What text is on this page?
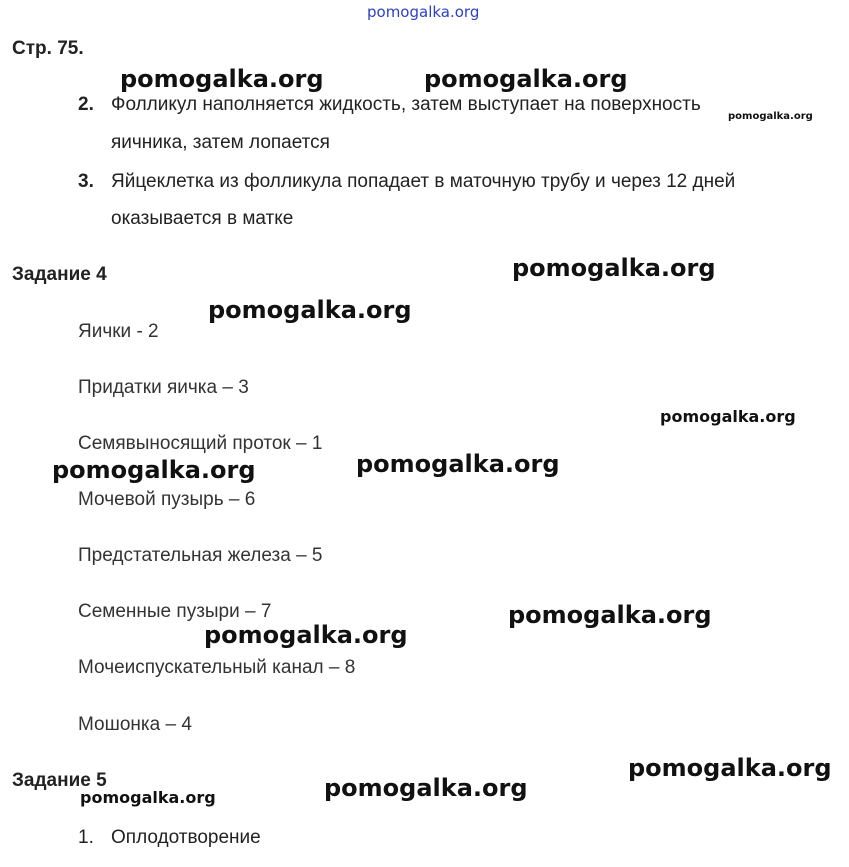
pomogalka.org
Стр. 75.
2. Фолликул наполняется жидкость, затем выступает на поверхность
яичника, затем лопается
3. Яйцеклетка из фолликула попадает в маточную трубу и через 12 дней
оказывается в матке
Задание 4
Яички - 2
Придатки яичка – 3
Семявыносящий проток – 1
Мочевой пузырь – 6
Предстательная железа – 5
Семенные пузыри – 7
Мочеиспускательный канал – 8
Мошонка – 4
Задание 5
1. Оплодотворение
pomogalka.org	pomogalka.org
pomogalka.org
pomogalka.org
pomogalka.org
pomogalka.org
pomogalka.org	pomogalka.org
pomogalka.org
pomogalka.org
pomogalka.org
pomogalka.org
pomogalka.org
